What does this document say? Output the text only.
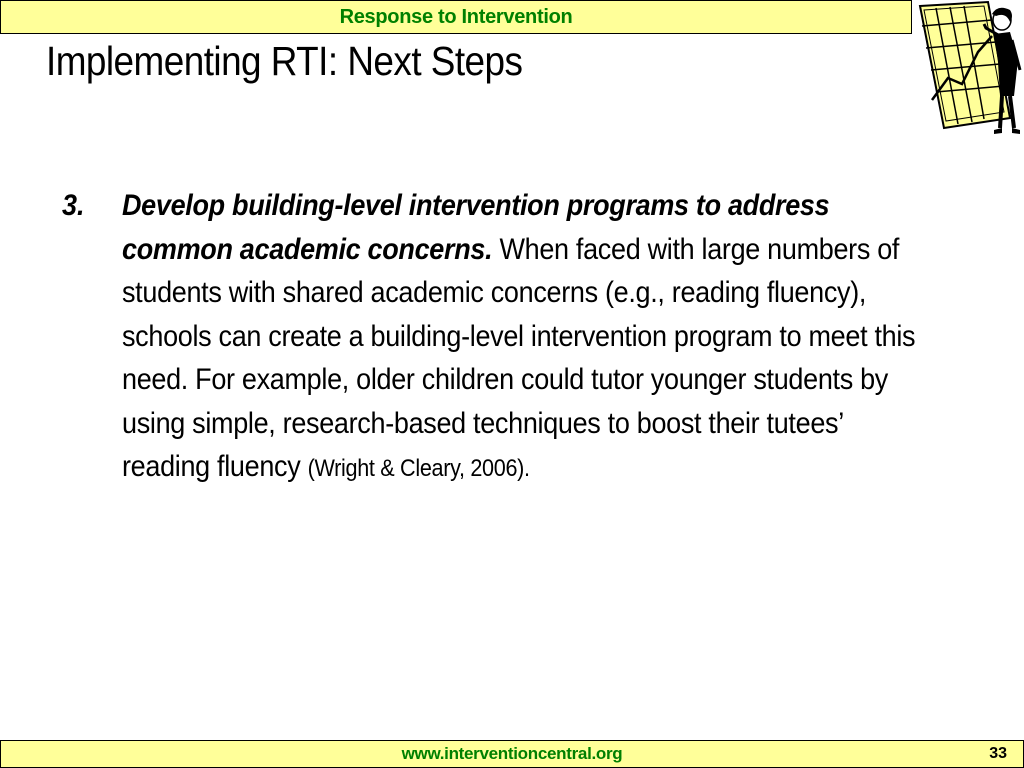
Response to Intervention
Implementing RTI: Next Steps
3.	Develop building-level intervention programs to address common academic concerns. When faced with large numbers of students with shared academic concerns (e.g., reading fluency), schools can create a building-level intervention program to meet this need. For example, older children could tutor younger students by using simple, research-based techniques to boost their tutees’ reading fluency (Wright & Cleary, 2006).
www.interventioncentral.org	33
